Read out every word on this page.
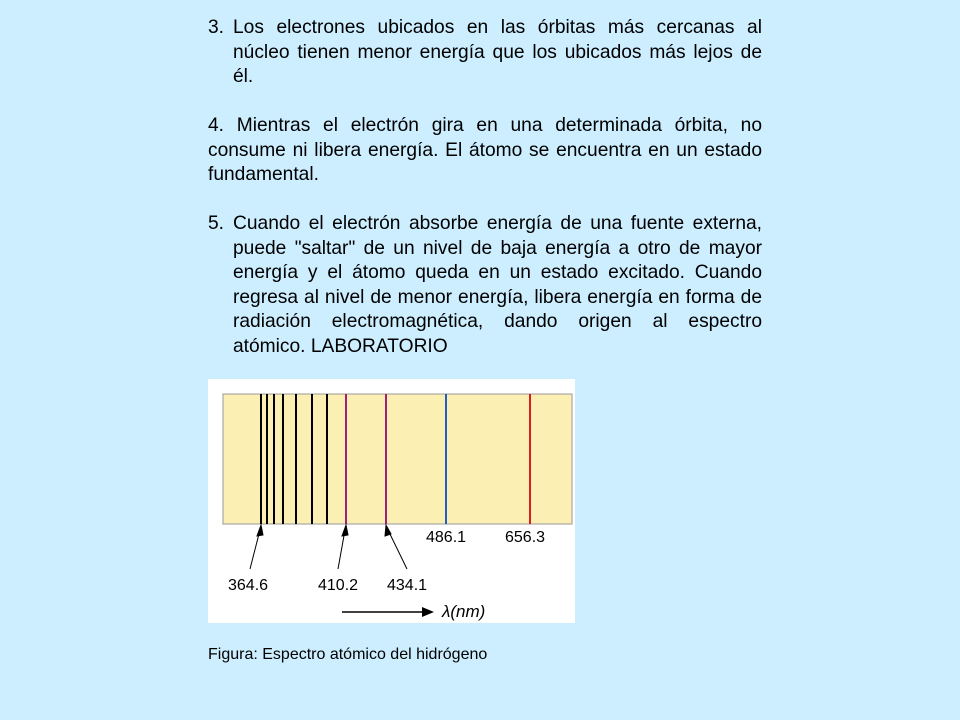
3. Los electrones ubicados en las órbitas más cercanas al núcleo tienen menor energía que los ubicados más lejos de él.
4. Mientras el electrón gira en una determinada órbita, no consume ni libera energía. El átomo se encuentra en un estado fundamental.
5. Cuando el electrón absorbe energía de una fuente externa, puede "saltar" de un nivel de baja energía a otro de mayor energía y el átomo queda en un estado excitado. Cuando regresa al nivel de menor energía, libera energía en forma de radiación electromagnética, dando origen al espectro atómico. LABORATORIO
364.6	410.2 434.1
486.1 656.3
λ(nm)
Figura: Espectro atómico del hidrógeno
